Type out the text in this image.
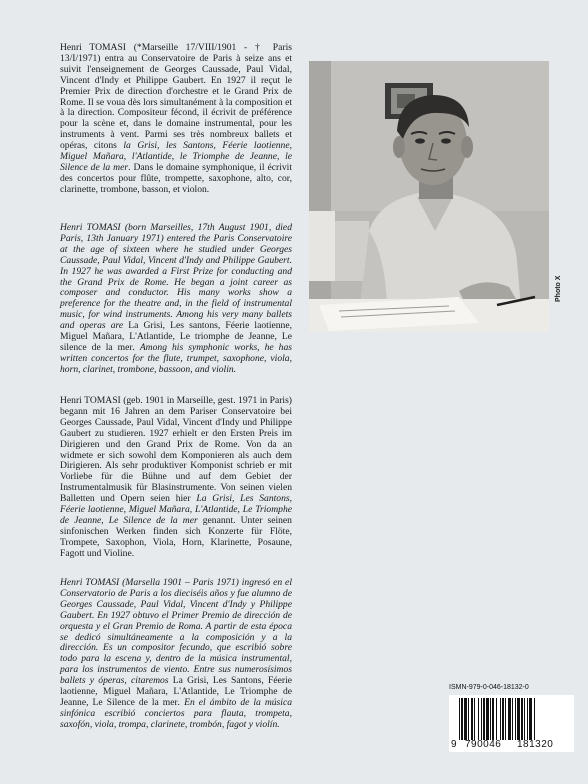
Henri TOMASI (*Marseille 17/VIII/1901 - † Paris 13/I/1971) entra au Conservatoire de Paris à seize ans et suivit l'enseignement de Georges Caussade, Paul Vidal, Vincent d'Indy et Philippe Gaubert. En 1927 il reçut le Premier Prix de direction d'orchestre et le Grand Prix de Rome. Il se voua dès lors simultanément à la composition et à la direction. Compositeur fécond, il écrivit de préférence pour la scène et, dans le domaine instrumental, pour les instruments à vent. Parmi ses très nombreux ballets et opéras, citons la Grisi, les Santons, Féerie laotienne, Miguel Mañara, l'Atlantide, le Triomphe de Jeanne, le Silence de la mer. Dans le domaine symphonique, il écrivit des concertos pour flûte, trompette, saxophone, alto, cor, clarinette, trombone, basson, et violon.

Henri TOMASI (born Marseilles, 17th August 1901, died Paris, 13th January 1971) entered the Paris Conservatoire at the age of sixteen where he studied under Georges Caussade, Paul Vidal, Vincent d'Indy and Philippe Gaubert. In 1927 he was awarded a First Prize for conducting and the Grand Prix de Rome. He began a joint career as composer and conductor. His many works show a preference for the theatre and, in the field of instrumental music, for wind instruments. Among his very many ballets and operas are La Grisi, Les santons, Féerie laotienne, Miguel Mañara, L'Atlantide, Le triomphe de Jeanne, Le silence de la mer. Among his symphonic works, he has written concertos for the flute, trumpet, saxophone, viola, horn, clarinet, trombone, bassoon, and violin.

Henri TOMASI (geb. 1901 in Marseille, gest. 1971 in Paris) begann mit 16 Jahren an dem Pariser Conservatoire bei Georges Caussade, Paul Vidal, Vincent d'Indy und Philippe Gaubert zu studieren. 1927 erhielt er den Ersten Preis im Dirigieren und den Grand Prix de Rome. Von da an widmete er sich sowohl dem Komponieren als auch dem Dirigieren. Als sehr produktiver Komponist schrieb er mit Vorliebe für die Bühne und auf dem Gebiet der Instrumentalmusik für Blasinstrumente. Von seinen vielen Balletten und Opern seien hier La Grisi, Les Santons, Féerie laotienne, Miguel Mañara, L'Atlantide, Le Triomphe de Jeanne, Le Silence de la mer genannt. Unter seinen sinfonischen Werken finden sich Konzerte für Flöte, Trompete, Saxophon, Viola, Horn, Klarinette, Posaune, Fagott und Violine.

Henri TOMASI (Marsella 1901 – Paris 1971) ingresó en el Conservatorio de Paris a los dieciséis años y fue alumno de Georges Caussade, Paul Vidal, Vincent d'Indy y Philippe Gaubert. En 1927 obtuvo el Primer Premio de dirección de orquesta y el Gran Premio de Roma. A partir de esta época se dedicó simultáneamente a la composición y a la dirección. Es un compositor fecundo, que escribió sobre todo para la escena y, dentro de la música instrumental, para los instrumentos de viento. Entre sus numerosísimos ballets y óperas, citaremos La Grisi, Les Santons, Féerie laotienne, Miguel Mañara, L'Atlantide, Le Triomphe de Jeanne, Le Silence de la mer. En el ámbito de la música sinfónica escribió conciertos para flauta, trompeta, saxofón, viola, trompa, clarinete, trombón, fagot y violín.

Photo X
ISMN-979-0-046-18132-0
9 790046 181320
